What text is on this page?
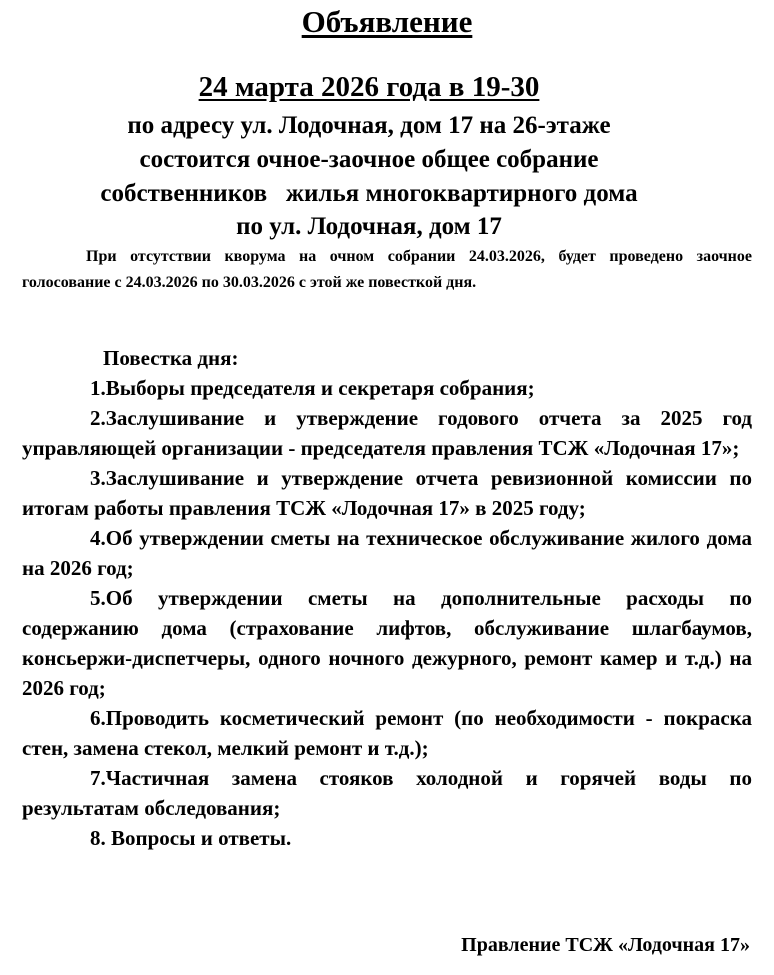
Объявление
24 марта 2026 года в 19-30
по адресу ул. Лодочная, дом 17 на 26-этаже
состоится очное-заочное общее собрание
собственников   жилья многоквартирного дома
по ул. Лодочная, дом 17
При отсутствии кворума на очном собрании 24.03.2026, будет проведено заочное голосование с 24.03.2026 по 30.03.2026 с этой же повесткой дня.
Повестка дня:

1.Выборы председателя и секретаря собрания;

2.Заслушивание и утверждение годового отчета за 2025 год управляющей организации - председателя правления ТСЖ «Лодочная 17»;

3.Заслушивание и утверждение отчета ревизионной комиссии по итогам работы правления ТСЖ «Лодочная 17» в 2025 году;

4.Об утверждении сметы на техническое обслуживание жилого дома на 2026 год;

5.Об утверждении сметы на дополнительные расходы по содержанию дома (страхование лифтов, обслуживание шлагбаумов, консьержи-диспетчеры, одного ночного дежурного, ремонт камер и т.д.) на 2026 год;

6.Проводить косметический ремонт (по необходимости - покраска стен, замена стекол, мелкий ремонт и т.д.);

7.Частичная замена стояков холодной и горячей воды по результатам обследования;

8. Вопросы и ответы.

Правление ТСЖ «Лодочная 17»
